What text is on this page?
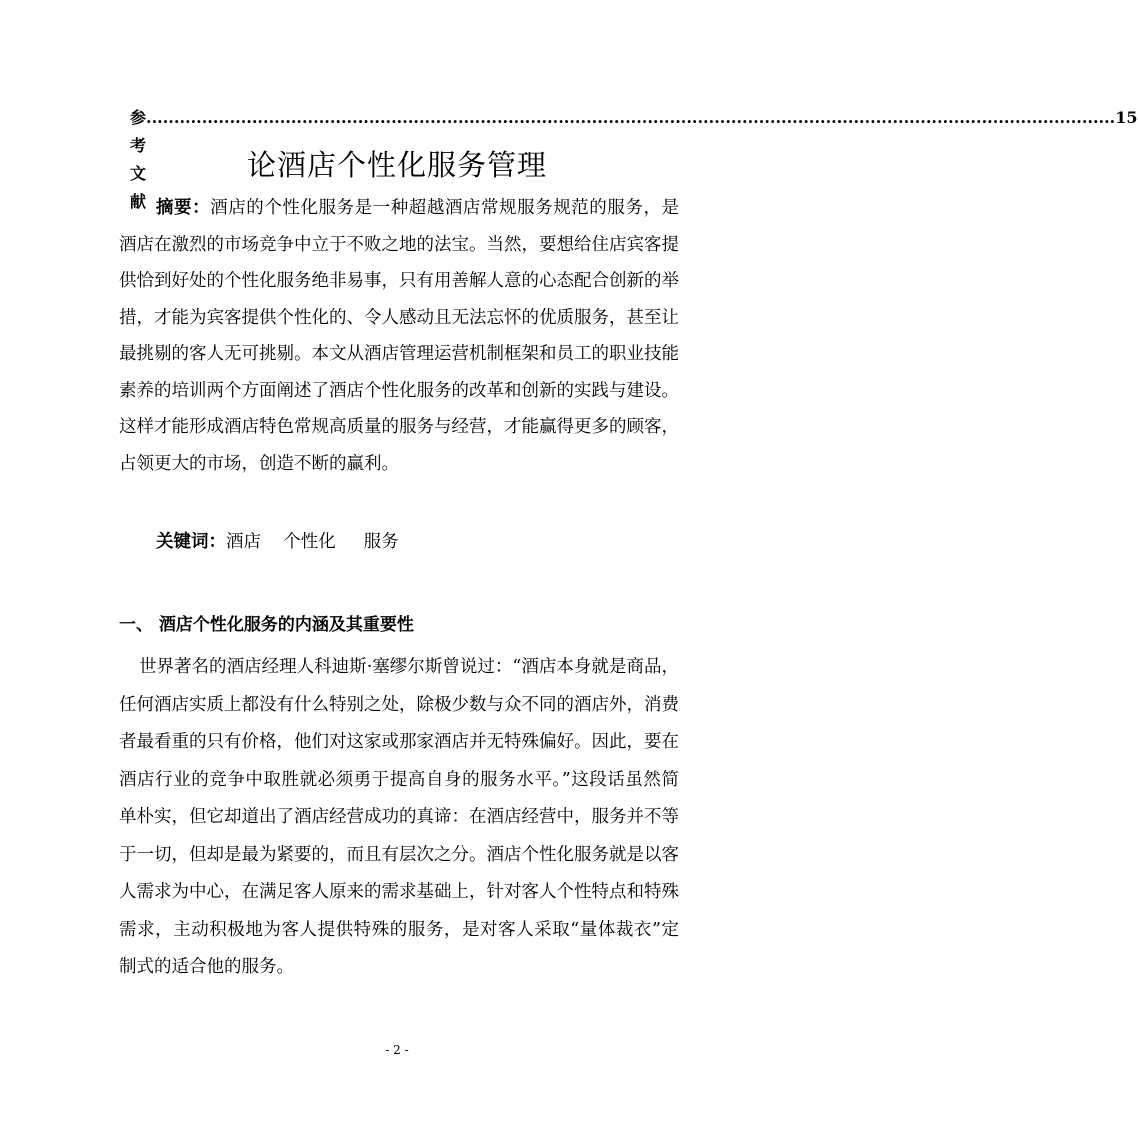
参考文献
.............................................................................................................................................................................. 15
论酒店个性化服务管理

摘要：酒店的个性化服务是一种超越酒店常规服务规范的服务，是酒店在激烈的市场竞争中立于不败之地的法宝。当然，要想给住店宾客提供恰到好处的个性化服务绝非易事，只有用善解人意的心态配合创新的举措，才能为宾客提供个性化的、令人感动且无法忘怀的优质服务，甚至让最挑剔的客人无可挑剔。本文从酒店管理运营机制框架和员工的职业技能素养的培训两个方面阐述了酒店个性化服务的改革和创新的实践与建设。这样才能形成酒店特色常规高质量的服务与经营，才能赢得更多的顾客，占领更大的市场，创造不断的赢利。

关键词：酒店    个性化     服务
一、 酒店个性化服务的内涵及其重要性

世界著名的酒店经理人科迪斯·塞缪尔斯曾说过：“酒店本身就是商品，任何酒店实质上都没有什么特别之处，除极少数与众不同的酒店外，消费者最看重的只有价格，他们对这家或那家酒店并无特殊偏好。因此，要在酒店行业的竞争中取胜就必须勇于提高自身的服务水平。”这段话虽然简单朴实，但它却道出了酒店经营成功的真谛：在酒店经营中，服务并不等于一切，但却是最为紧要的，而且有层次之分。酒店个性化服务就是以客人需求为中心，在满足客人原来的需求基础上，针对客人个性特点和特殊需求，主动积极地为客人提供特殊的服务，是对客人采取“量体裁衣”定制式的适合他的服务。

- 2 -
